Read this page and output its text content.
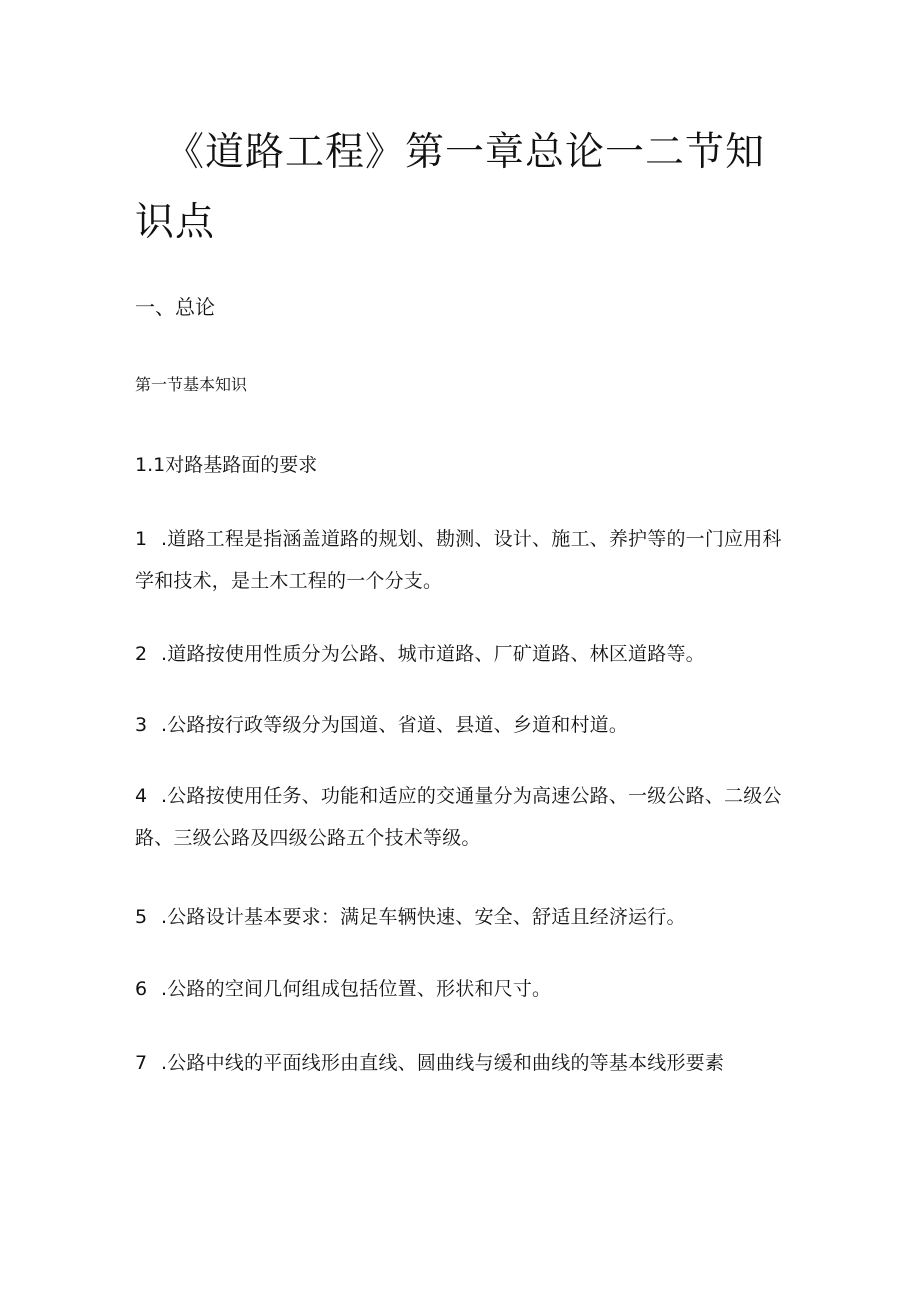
《道路工程》第一章总论一二节知识点
一、总论
第一节基本知识
1.1对路基路面的要求

1 .道路工程是指涵盖道路的规划、勘测、设计、施工、养护等的一门应用科学和技术，是土木工程的一个分支。

2 .道路按使用性质分为公路、城市道路、厂矿道路、林区道路等。

3 .公路按行政等级分为国道、省道、县道、乡道和村道。

4 .公路按使用任务、功能和适应的交通量分为高速公路、一级公路、二级公路、三级公路及四级公路五个技术等级。

5 .公路设计基本要求：满足车辆快速、安全、舒适且经济运行。

6 .公路的空间几何组成包括位置、形状和尺寸。

7 .公路中线的平面线形由直线、圆曲线与缓和曲线的等基本线形要素
